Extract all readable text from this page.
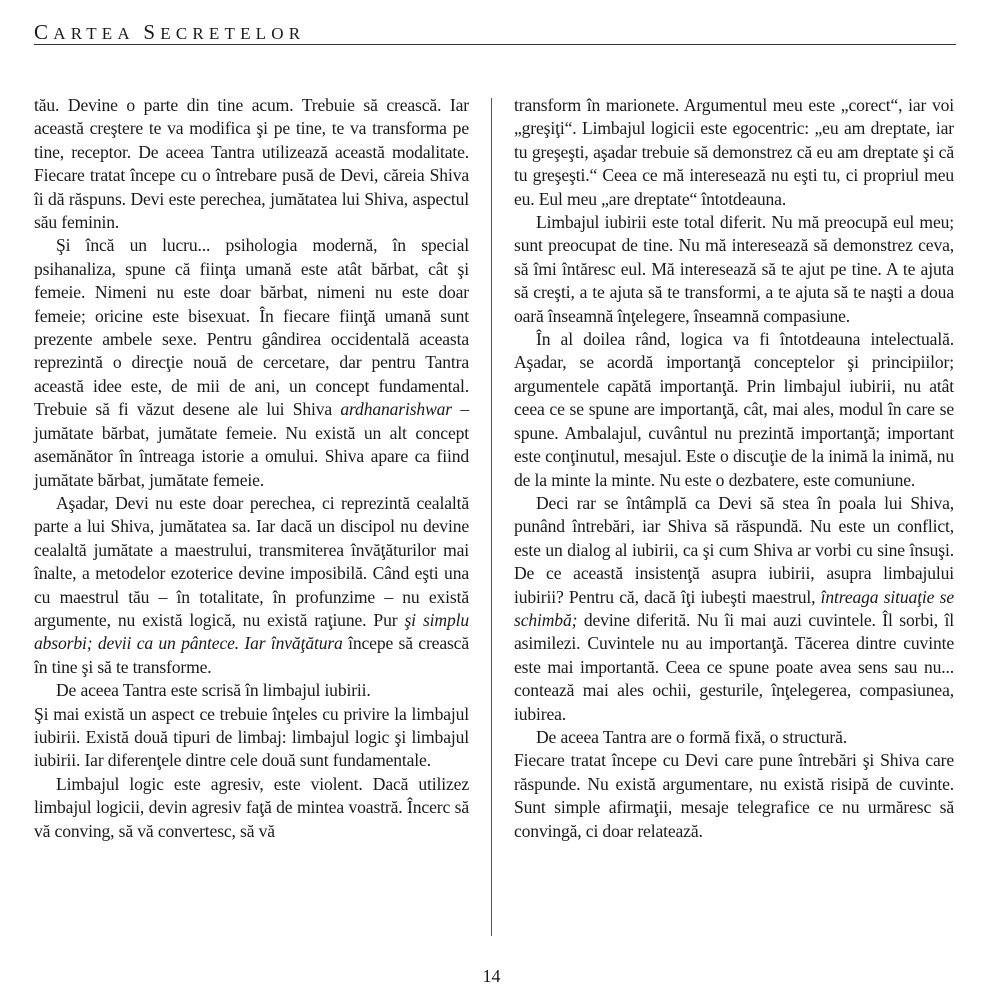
CARTEA SECRETELOR

tău. Devine o parte din tine acum. Trebuie să crească. Iar această creştere te va modifica şi pe tine, te va transforma pe tine, receptor. De aceea Tantra utilizează această modalitate. Fiecare tratat începe cu o întrebare pusă de Devi, căreia Shiva îi dă răspuns. Devi este perechea, jumătatea lui Shiva, aspectul său feminin.

Şi încă un lucru... psihologia modernă, în special psihanaliza, spune că fiinţa umană este atât bărbat, cât şi femeie. Nimeni nu este doar bărbat, nimeni nu este doar femeie; oricine este bisexuat. În fiecare fiinţă umană sunt prezente ambele sexe. Pentru gândirea occidentală aceasta reprezintă o direcţie nouă de cercetare, dar pentru Tantra această idee este, de mii de ani, un concept fundamental. Trebuie să fi văzut desene ale lui Shiva ardhanarishwar – jumătate bărbat, jumătate femeie. Nu există un alt concept asemănător în întreaga istorie a omului. Shiva apare ca fiind jumătate bărbat, jumătate femeie.

Aşadar, Devi nu este doar perechea, ci reprezintă cealaltă parte a lui Shiva, jumătatea sa. Iar dacă un discipol nu devine cealaltă jumătate a maestrului, transmiterea învăţăturilor mai înalte, a metodelor ezoterice devine imposibilă. Când eşti una cu maestrul tău – în totalitate, în profunzime – nu există argumente, nu există logică, nu există raţiune. Pur şi simplu absorbi; devii ca un pântece. Iar învăţătura începe să crească în tine şi să te transforme.

De aceea Tantra este scrisă în limbajul iubirii.

Şi mai există un aspect ce trebuie înţeles cu privire la limbajul iubirii. Există două tipuri de limbaj: limbajul logic şi limbajul iubirii. Iar diferenţele dintre cele două sunt fundamentale.

Limbajul logic este agresiv, este violent. Dacă utilizez limbajul logicii, devin agresiv faţă de mintea voastră. Încerc să vă conving, să vă convertesc, să vă

transform în marionete. Argumentul meu este „corect“, iar voi „greşiţi“. Limbajul logicii este egocentric: „eu am dreptate, iar tu greşeşti, aşadar trebuie să demonstrez că eu am dreptate şi că tu greşeşti.“ Ceea ce mă interesează nu eşti tu, ci propriul meu eu. Eul meu „are dreptate“ întotdeauna.

Limbajul iubirii este total diferit. Nu mă preocupă eul meu; sunt preocupat de tine. Nu mă interesează să demonstrez ceva, să îmi întăresc eul. Mă interesează să te ajut pe tine. A te ajuta să creşti, a te ajuta să te transformi, a te ajuta să te naşti a doua oară înseamnă înţelegere, înseamnă compasiune.

În al doilea rând, logica va fi întotdeauna intelectuală. Aşadar, se acordă importanţă conceptelor şi principiilor; argumentele capătă importanţă. Prin limbajul iubirii, nu atât ceea ce se spune are importanţă, cât, mai ales, modul în care se spune. Ambalajul, cuvântul nu prezintă importanţă; important este conţinutul, mesajul. Este o discuţie de la inimă la inimă, nu de la minte la minte. Nu este o dezbatere, este comuniune.

Deci rar se întâmplă ca Devi să stea în poala lui Shiva, punând întrebări, iar Shiva să răspundă. Nu este un conflict, este un dialog al iubirii, ca şi cum Shiva ar vorbi cu sine însuşi. De ce această insistenţă asupra iubirii, asupra limbajului iubirii? Pentru că, dacă îţi iubeşti maestrul, întreaga situaţie se schimbă; devine diferită. Nu îi mai auzi cuvintele. Îl sorbi, îl asimilezi. Cuvintele nu au importanţă. Tăcerea dintre cuvinte este mai importantă. Ceea ce spune poate avea sens sau nu... contează mai ales ochii, gesturile, înţelegerea, compasiunea, iubirea.

De aceea Tantra are o formă fixă, o structură.

Fiecare tratat începe cu Devi care pune întrebări şi Shiva care răspunde. Nu există argumentare, nu există risipă de cuvinte. Sunt simple afirmaţii, mesaje telegrafice ce nu urmăresc să convingă, ci doar relatează.

14
